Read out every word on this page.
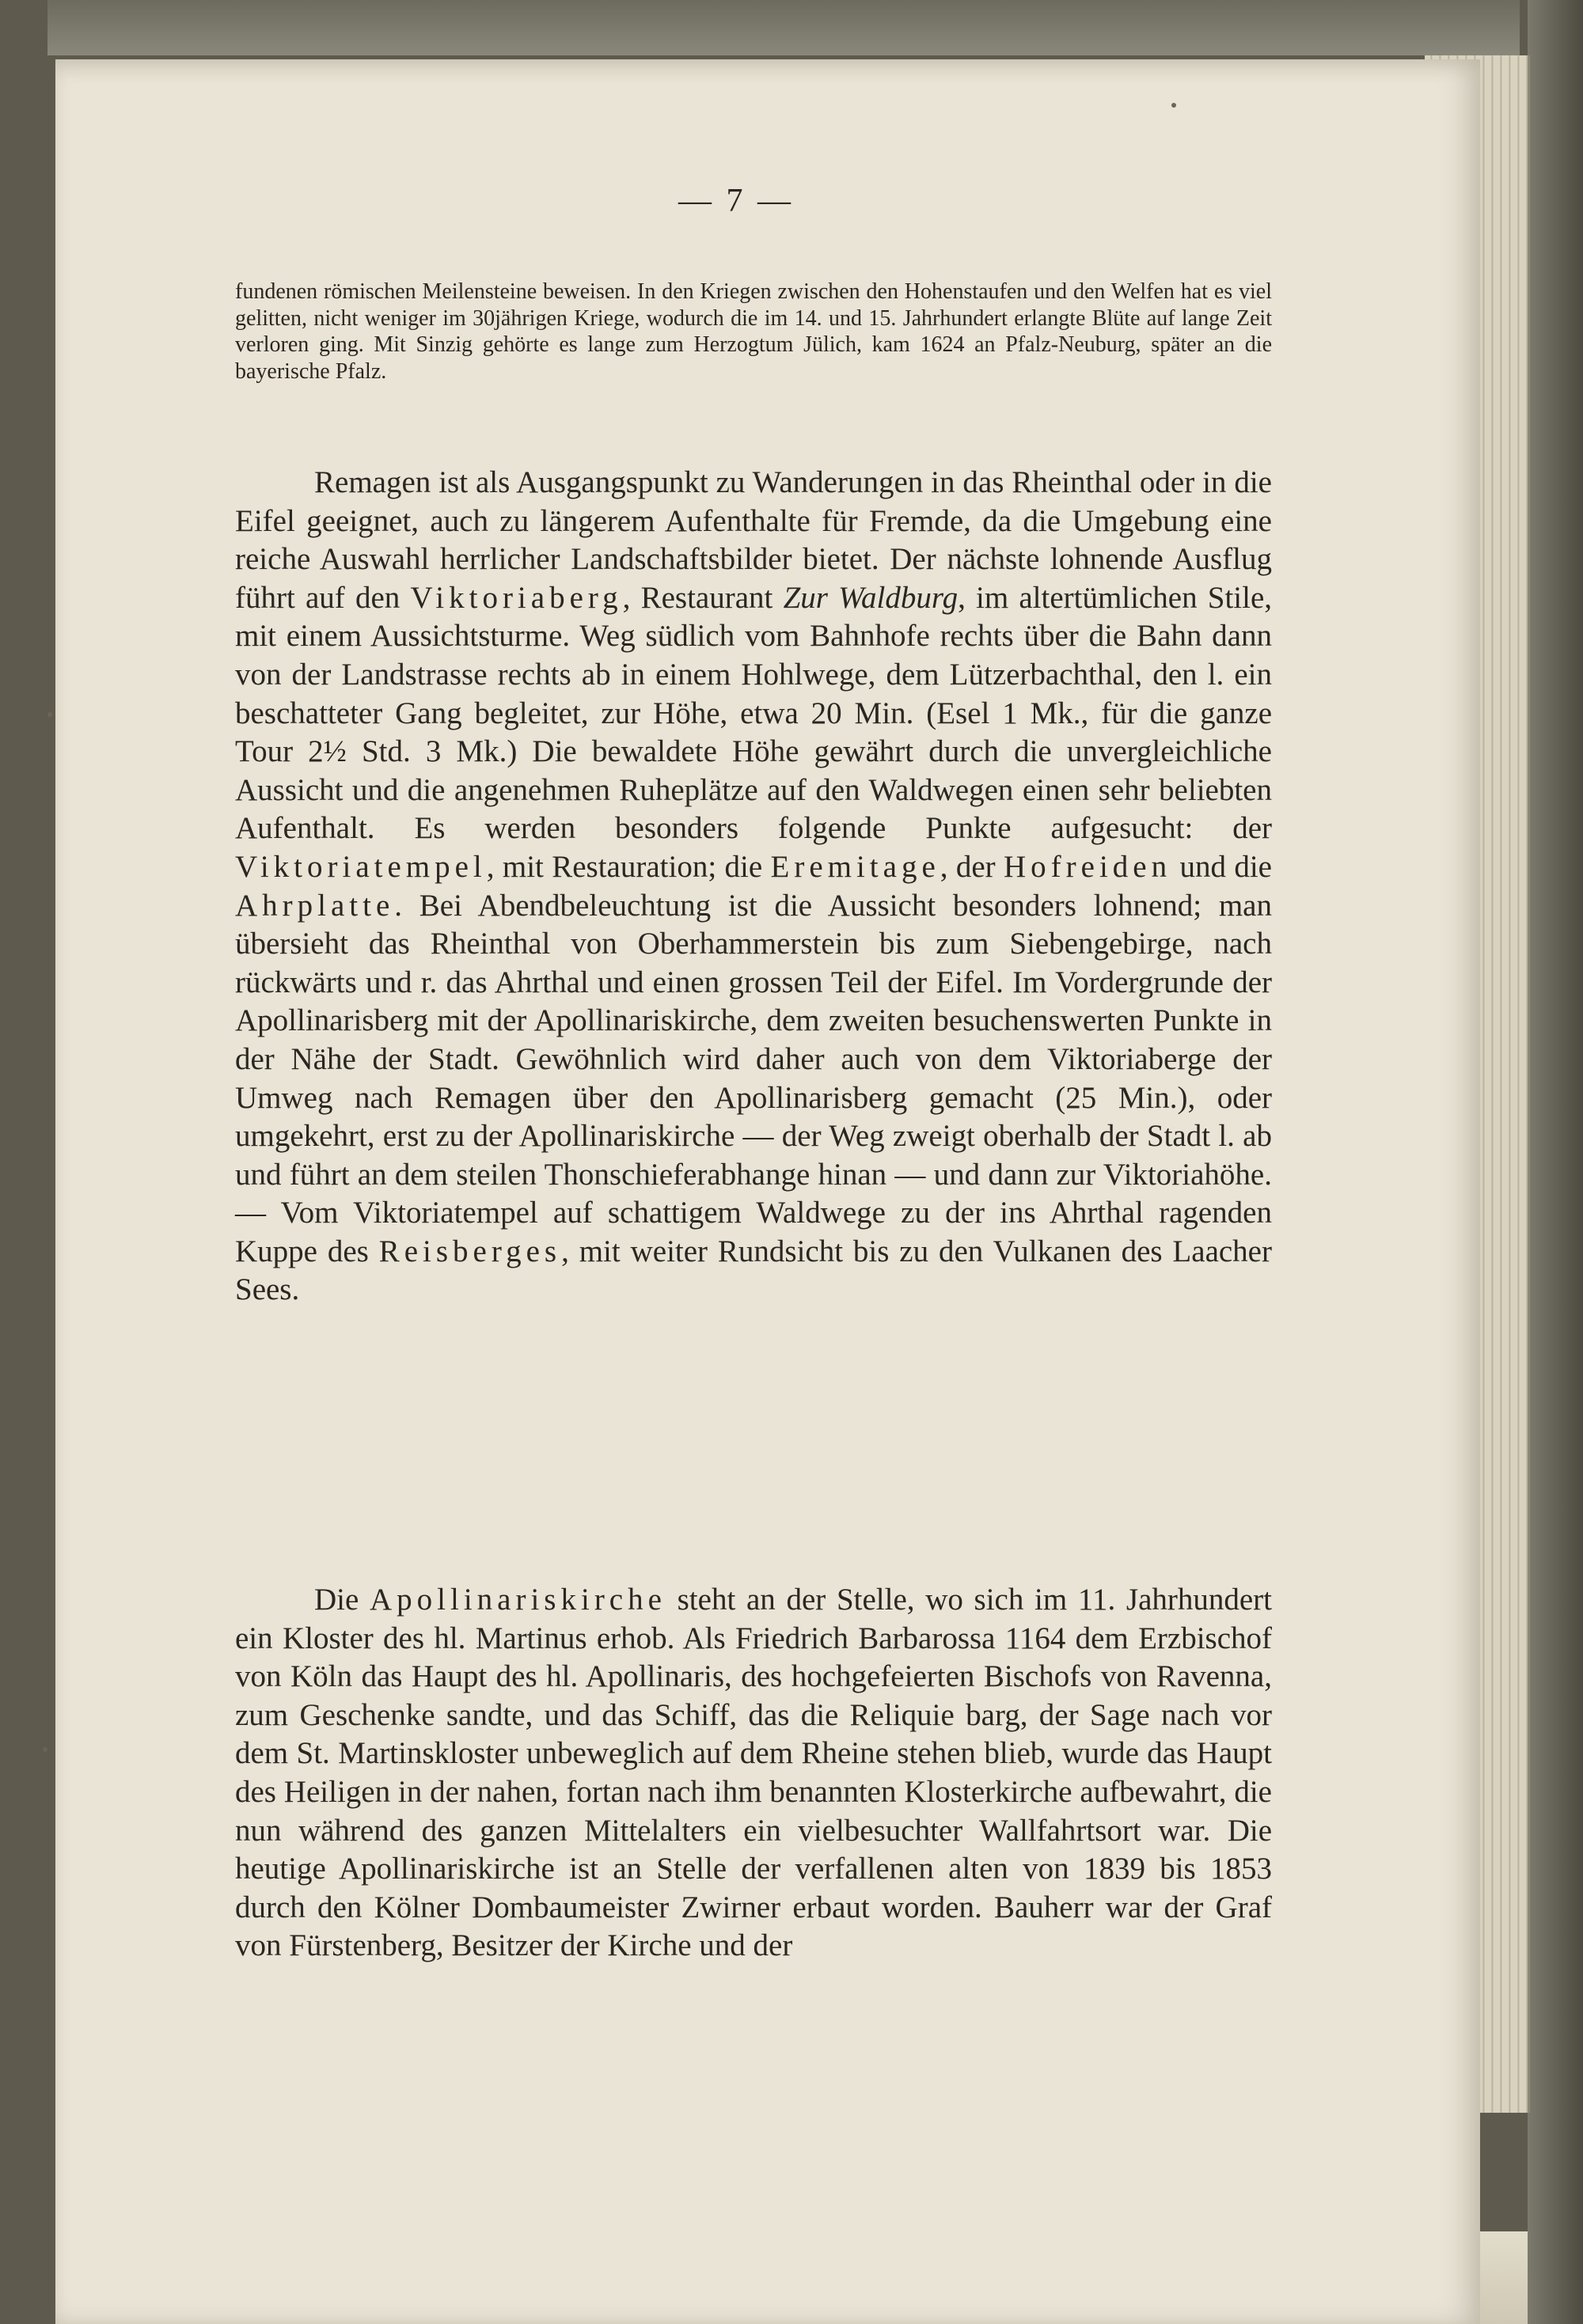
— 7 —
fundenen römischen Meilensteine beweisen. In den Kriegen zwischen den Hohenstaufen und den Welfen hat es viel gelitten, nicht weniger im 30jährigen Kriege, wodurch die im 14. und 15. Jahrhundert erlangte Blüte auf lange Zeit verloren ging. Mit Sinzig gehörte es lange zum Herzogtum Jülich, kam 1624 an Pfalz-Neuburg, später an die bayerische Pfalz.

Remagen ist als Ausgangspunkt zu Wanderungen in das Rheinthal oder in die Eifel geeignet, auch zu längerem Aufenthalte für Fremde, da die Umgebung eine reiche Auswahl herrlicher Landschaftsbilder bietet. Der nächste lohnende Ausflug führt auf den Viktoriaberg, Restaurant Zur Waldburg, im altertümlichen Stile, mit einem Aussichtsturme. Weg südlich vom Bahnhofe rechts über die Bahn dann von der Landstrasse rechts ab in einem Hohlwege, dem Lützerbachthal, den l. ein beschatteter Gang begleitet, zur Höhe, etwa 20 Min. (Esel 1 Mk., für die ganze Tour 2½ Std. 3 Mk.) Die bewaldete Höhe gewährt durch die unvergleichliche Aussicht und die angenehmen Ruheplätze auf den Waldwegen einen sehr beliebten Aufenthalt. Es werden besonders folgende Punkte aufgesucht: der Viktoriatempel, mit Restauration; die Eremitage, der Hofreiden und die Ahrplatte. Bei Abendbeleuchtung ist die Aussicht besonders lohnend; man übersieht das Rheinthal von Oberhammerstein bis zum Siebengebirge, nach rückwärts und r. das Ahrthal und einen grossen Teil der Eifel. Im Vordergrunde der Apollinarisberg mit der Apollinariskirche, dem zweiten besuchenswerten Punkte in der Nähe der Stadt. Gewöhnlich wird daher auch von dem Viktoriaberge der Umweg nach Remagen über den Apollinarisberg gemacht (25 Min.), oder umgekehrt, erst zu der Apollinariskirche — der Weg zweigt oberhalb der Stadt l. ab und führt an dem steilen Thonschieferabhange hinan — und dann zur Viktoriahöhe. — Vom Viktoriatempel auf schattigem Waldwege zu der ins Ahrthal ragenden Kuppe des Reisberges, mit weiter Rundsicht bis zu den Vulkanen des Laacher Sees.

Die Apollinariskirche steht an der Stelle, wo sich im 11. Jahrhundert ein Kloster des hl. Martinus erhob. Als Friedrich Barbarossa 1164 dem Erzbischof von Köln das Haupt des hl. Apollinaris, des hochgefeierten Bischofs von Ravenna, zum Geschenke sandte, und das Schiff, das die Reliquie barg, der Sage nach vor dem St. Martinskloster unbeweglich auf dem Rheine stehen blieb, wurde das Haupt des Heiligen in der nahen, fortan nach ihm benannten Klosterkirche aufbewahrt, die nun während des ganzen Mittelalters ein vielbesuchter Wallfahrtsort war. Die heutige Apollinariskirche ist an Stelle der verfallenen alten von 1839 bis 1853 durch den Kölner Dombaumeister Zwirner erbaut worden. Bauherr war der Graf von Fürstenberg, Besitzer der Kirche und der
